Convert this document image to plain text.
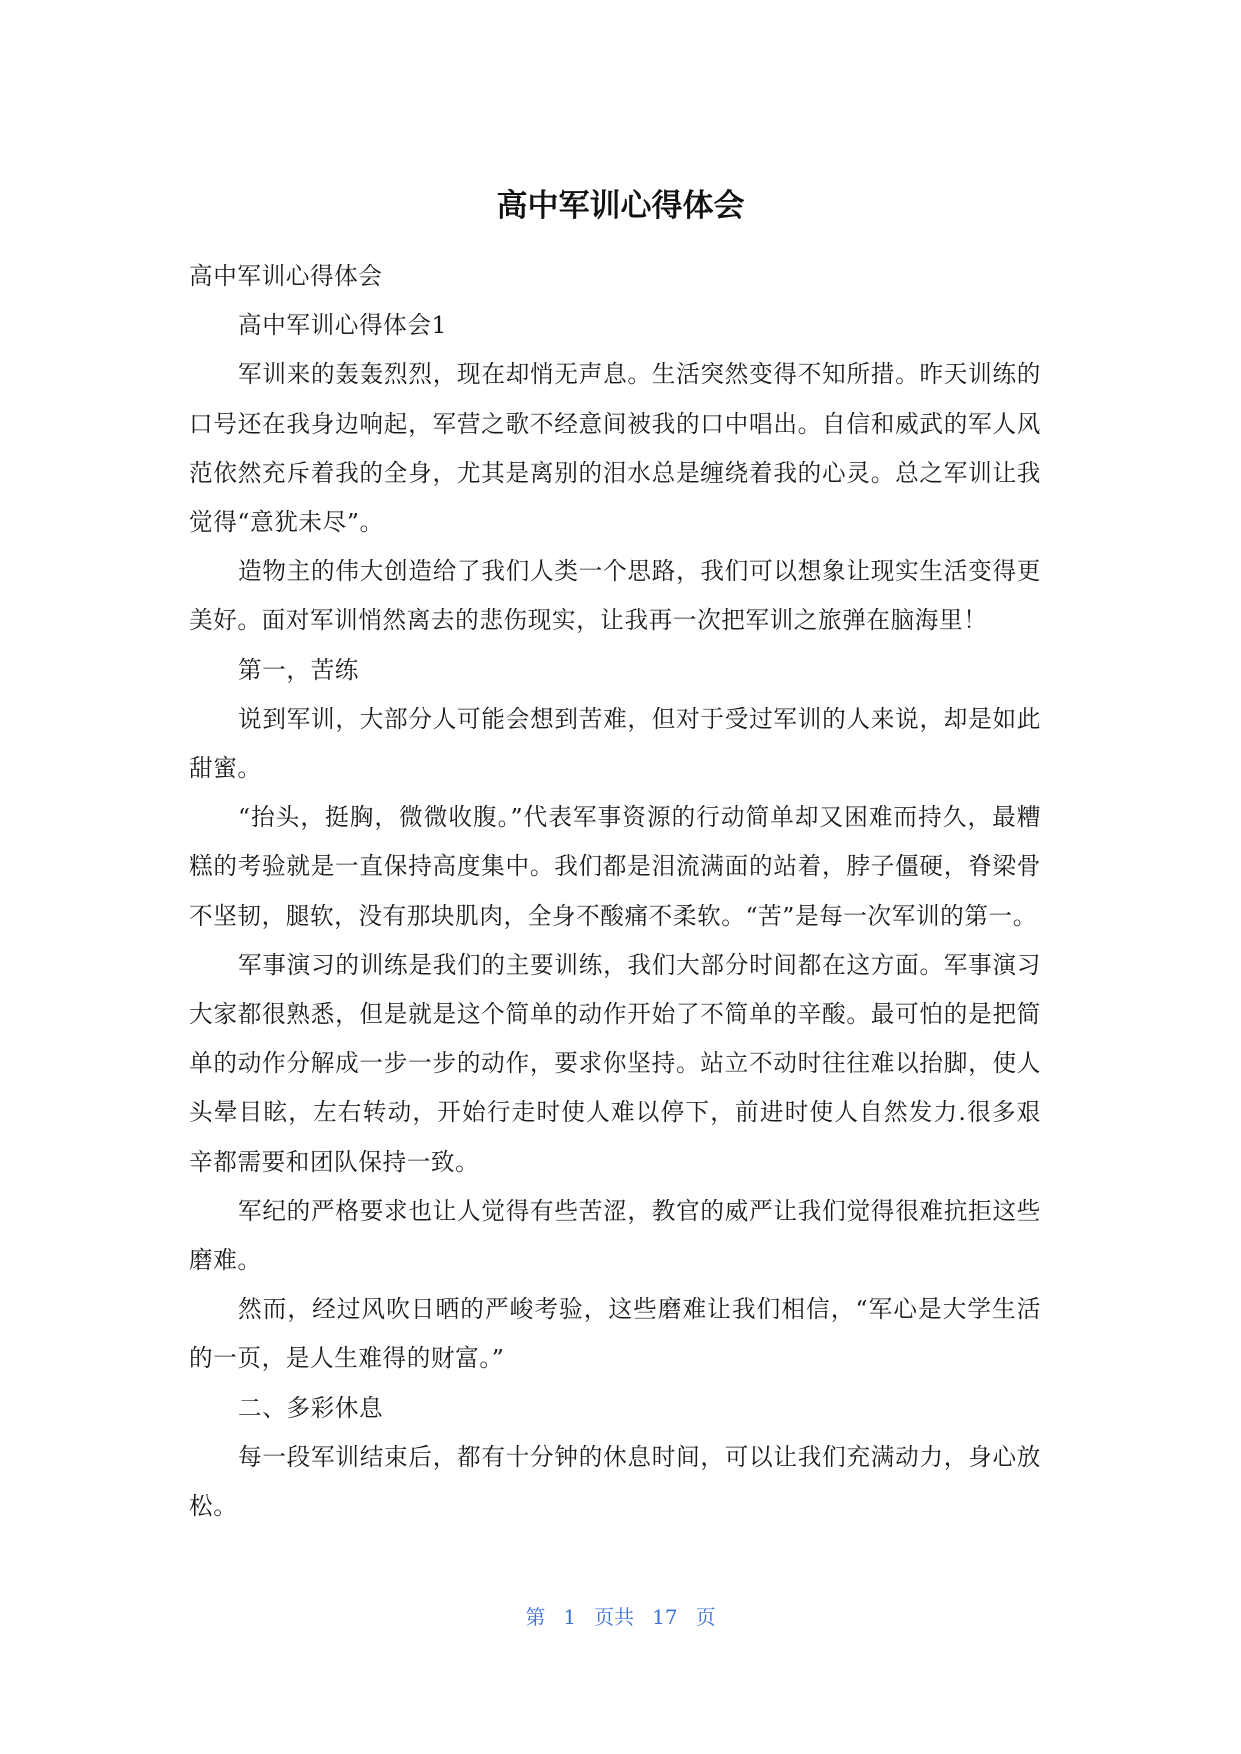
高中军训心得体会

高中军训心得体会

高中军训心得体会1

军训来的轰轰烈烈，现在却悄无声息。生活突然变得不知所措。昨天训练的口号还在我身边响起，军营之歌不经意间被我的口中唱出。自信和威武的军人风范依然充斥着我的全身，尤其是离别的泪水总是缠绕着我的心灵。总之军训让我觉得“意犹未尽”。

造物主的伟大创造给了我们人类一个思路，我们可以想象让现实生活变得更美好。面对军训悄然离去的悲伤现实，让我再一次把军训之旅弹在脑海里！

第一，苦练

说到军训，大部分人可能会想到苦难，但对于受过军训的人来说，却是如此甜蜜。

“抬头，挺胸，微微收腹。”代表军事资源的行动简单却又困难而持久，最糟糕的考验就是一直保持高度集中。我们都是泪流满面的站着，脖子僵硬，脊梁骨不坚韧，腿软，没有那块肌肉，全身不酸痛不柔软。“苦”是每一次军训的第一。

军事演习的训练是我们的主要训练，我们大部分时间都在这方面。军事演习大家都很熟悉，但是就是这个简单的动作开始了不简单的辛酸。最可怕的是把简单的动作分解成一步一步的动作，要求你坚持。站立不动时往往难以抬脚，使人头晕目眩，左右转动，开始行走时使人难以停下，前进时使人自然发力.很多艰辛都需要和团队保持一致。

军纪的严格要求也让人觉得有些苦涩，教官的威严让我们觉得很难抗拒这些磨难。

然而，经过风吹日晒的严峻考验，这些磨难让我们相信，“军心是大学生活的一页，是人生难得的财富。”

二、多彩休息

每一段军训结束后，都有十分钟的休息时间，可以让我们充满动力，身心放松。

第 1 页共 17 页
